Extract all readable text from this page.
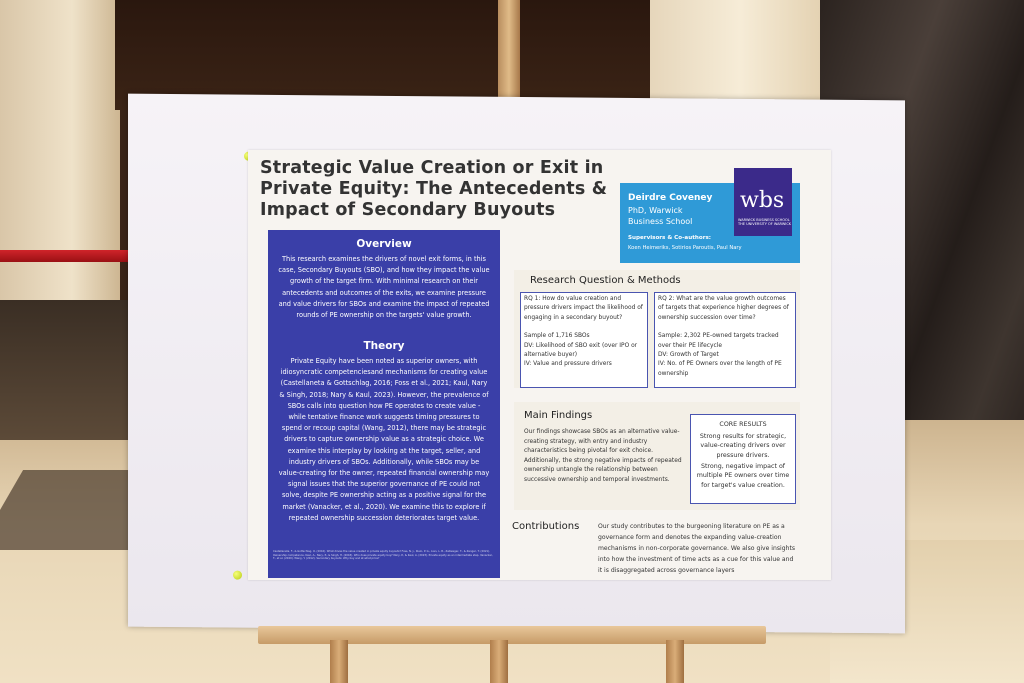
Strategic Value Creation or Exit in Private Equity: The Antecedents & Impact of Secondary Buyouts
Deirdre Coveney
PhD, Warwick
Business School
Supervisors & Co-authors:
Koen Heimeriks, Sotirios Paroutis, Paul Nary
wbs
WARWICK BUSINESS SCHOOL THE UNIVERSITY OF WARWICK
Overview

This research examines the drivers of novel exit forms, in this case, Secondary Buyouts (SBO), and how they impact the value growth of the target firm. With minimal research on their antecedents and outcomes of the exits, we examine pressure and value drivers for SBOs and examine the impact of repeated rounds of PE ownership on the targets' value growth.

Theory

Private Equity have been noted as superior owners, with idiosyncratic competenciesand mechanisms for creating value (Castellaneta & Gottschlag, 2016; Foss et al., 2021; Kaul, Nary & Singh, 2018; Nary & Kaul, 2023). However, the prevalence of SBOs calls into question how PE operates to create value - while tentative finance work suggests timing pressures to spend or recoup capital (Wang, 2012), there may be strategic drivers to capture ownership value as a strategic choice. We examine this interplay by looking at the target, seller, and industry drivers of SBOs. Additionally, while SBOs may be value-creating for the owner, repeated financial ownership may signal issues that the superior governance of PE could not solve, despite PE ownership acting as a positive signal for the market (Vanacker, et al., 2020). We examine this to explore if repeated ownership succession deteriorates target value.

Castellaneta, F., & Gottschlag, O. (2016). What drives the value created in private equity buyouts? Foss, N. J., Klein, P. G., Lien, L. B., Zellweger, T., & Zenger, T. (2021). Ownership competence. Kaul, A., Nary, P., & Singh, H. (2018). Who does private equity buy? Nary, P., & Kaul, A. (2023). Private equity as an intermediate step. Vanacker, T., et al. (2020). Wang, Y. (2012). Secondary buyouts: Why buy and at what price?

Research Question & Methods

RQ 1: How do value creation and pressure drivers impact the likelihood of engaging in a secondary buyout?

Sample of 1,716 SBOs

DV: Likelihood of SBO exit (over IPO or alternative buyer)

IV: Value and pressure drivers

RQ 2: What are the value growth outcomes of targets that experience higher degrees of ownership succession over time?

Sample: 2,302 PE-owned targets tracked over their PE lifecycle

DV: Growth of Target

IV: No. of PE Owners over the length of PE ownership

Main Findings

Our findings showcase SBOs as an alternative value-creating strategy, with entry and industry characteristics being pivotal for exit choice. Additionally, the strong negative impacts of repeated ownership untangle the relationship between successive ownership and temporal investments.

CORE RESULTS

Strong results for strategic, value-creating drivers over pressure drivers.

Strong, negative impact of multiple PE owners over time for target's value creation.

Contributions	Our study contributes to the burgeoning literature on PE as a governance form and denotes the expanding value-creation mechanisms in non-corporate governance. We also give insights into how the investment of time acts as a cue for this value and it is disaggregated across governance layers
